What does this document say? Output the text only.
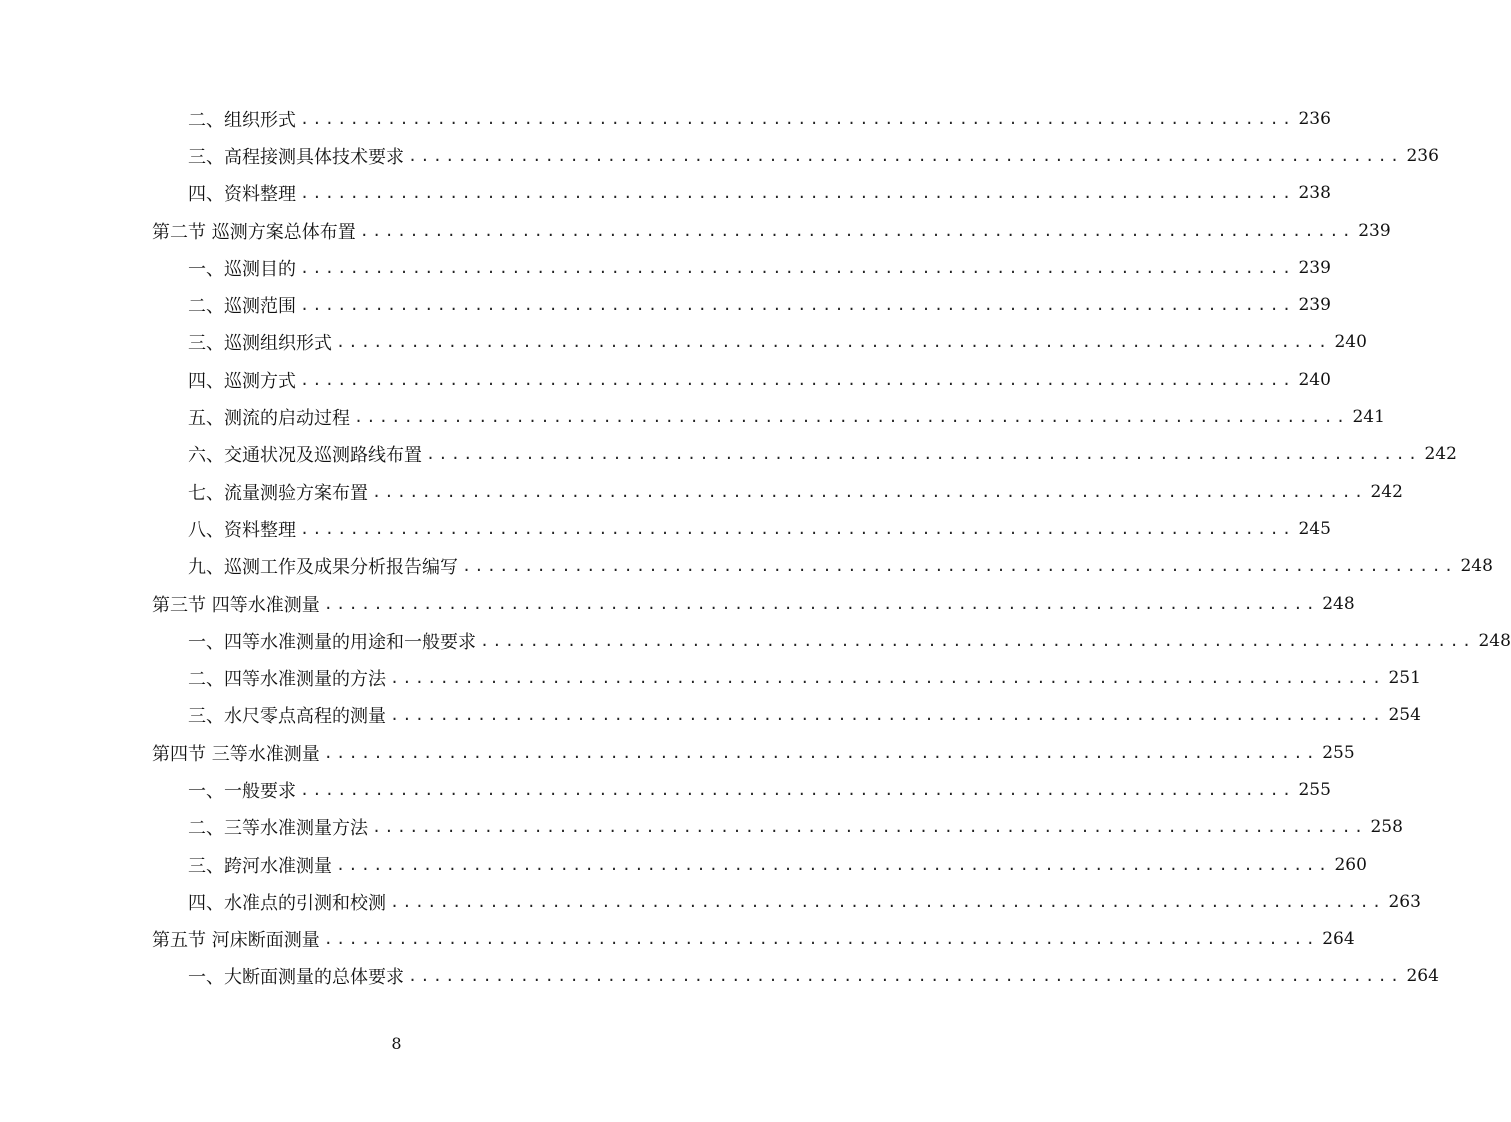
二、组织形式 ................................................................................ 236
三、高程接测具体技术要求 ................................................................................ 236
四、资料整理 ................................................................................ 238
第二节 巡测方案总体布置 ................................................................................ 239
一、巡测目的 ................................................................................ 239
二、巡测范围 ................................................................................ 239
三、巡测组织形式 ................................................................................ 240
四、巡测方式 ................................................................................ 240
五、测流的启动过程 ................................................................................ 241
六、交通状况及巡测路线布置 ................................................................................ 242
七、流量测验方案布置 ................................................................................ 242
八、资料整理 ................................................................................ 245
九、巡测工作及成果分析报告编写 ................................................................................ 248
第三节 四等水准测量 ................................................................................ 248
一、四等水准测量的用途和一般要求 ................................................................................ 248
二、四等水准测量的方法 ................................................................................ 251
三、水尺零点高程的测量 ................................................................................ 254
第四节 三等水准测量 ................................................................................ 255
一、一般要求 ................................................................................ 255
二、三等水准测量方法 ................................................................................ 258
三、跨河水准测量 ................................................................................ 260
四、水准点的引测和校测 ................................................................................ 263
第五节 河床断面测量 ................................................................................ 264
一、大断面测量的总体要求 ................................................................................ 264
8
